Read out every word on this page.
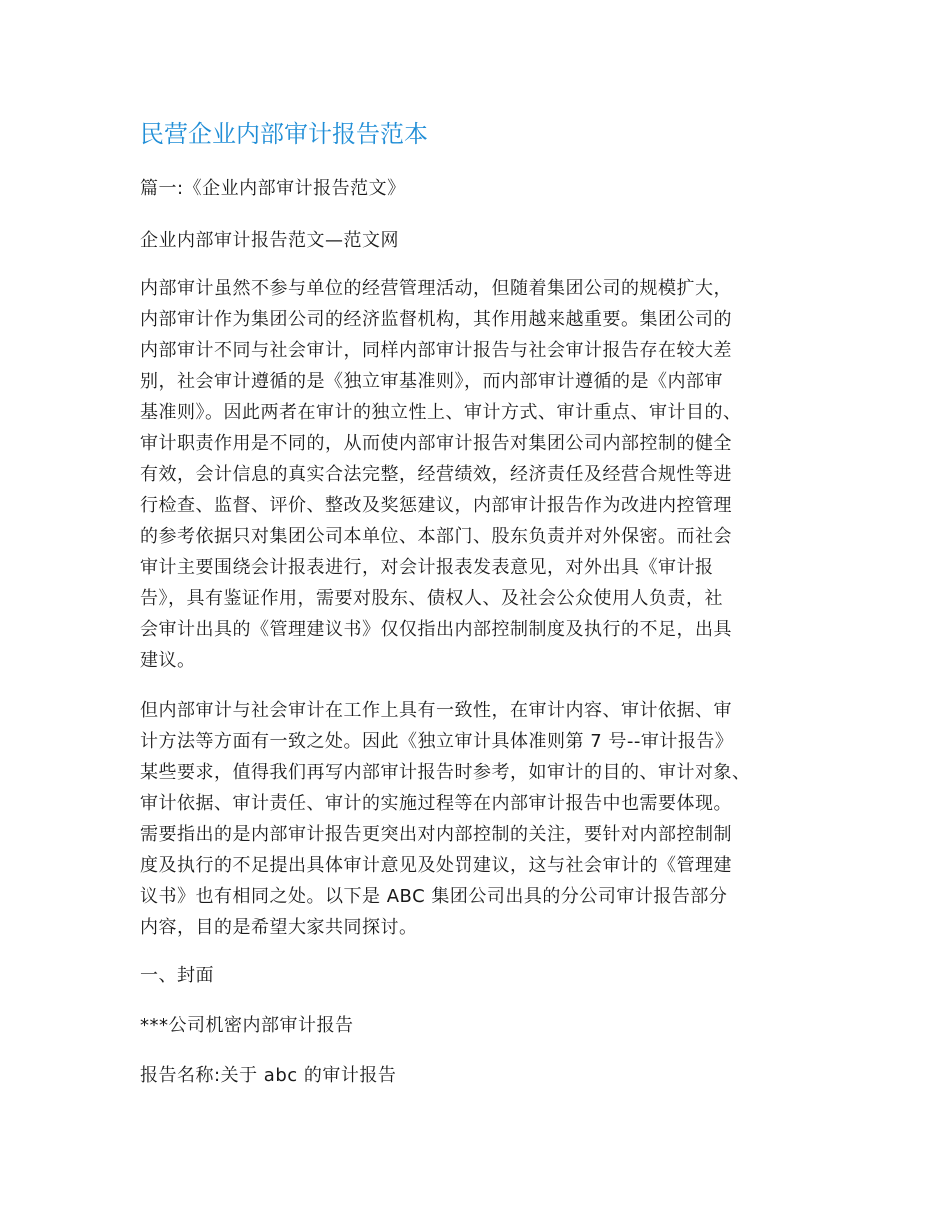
民营企业内部审计报告范本
篇一:《企业内部审计报告范文》
企业内部审计报告范文—范文网
内部审计虽然不参与单位的经营管理活动，但随着集团公司的规模扩大，
内部审计作为集团公司的经济监督机构，其作用越来越重要。集团公司的
内部审计不同与社会审计，同样内部审计报告与社会审计报告存在较大差
别，社会审计遵循的是《独立审基准则》，而内部审计遵循的是《内部审
基准则》。因此两者在审计的独立性上、审计方式、审计重点、审计目的、
审计职责作用是不同的，从而使内部审计报告对集团公司内部控制的健全
有效，会计信息的真实合法完整，经营绩效，经济责任及经营合规性等进
行检查、监督、评价、整改及奖惩建议，内部审计报告作为改进内控管理
的参考依据只对集团公司本单位、本部门、股东负责并对外保密。而社会
审计主要围绕会计报表进行，对会计报表发表意见，对外出具《审计报
告》，具有鉴证作用，需要对股东、债权人、及社会公众使用人负责，社
会审计出具的《管理建议书》仅仅指出内部控制制度及执行的不足，出具
建议。
但内部审计与社会审计在工作上具有一致性，在审计内容、审计依据、审
计方法等方面有一致之处。因此《独立审计具体准则第 7 号--审计报告》
某些要求，值得我们再写内部审计报告时参考，如审计的目的、审计对象、
审计依据、审计责任、审计的实施过程等在内部审计报告中也需要体现。
需要指出的是内部审计报告更突出对内部控制的关注，要针对内部控制制
度及执行的不足提出具体审计意见及处罚建议，这与社会审计的《管理建
议书》也有相同之处。以下是 ABC 集团公司出具的分公司审计报告部分
内容，目的是希望大家共同探讨。
一、封面
***公司机密内部审计报告
报告名称:关于 abc 的审计报告
